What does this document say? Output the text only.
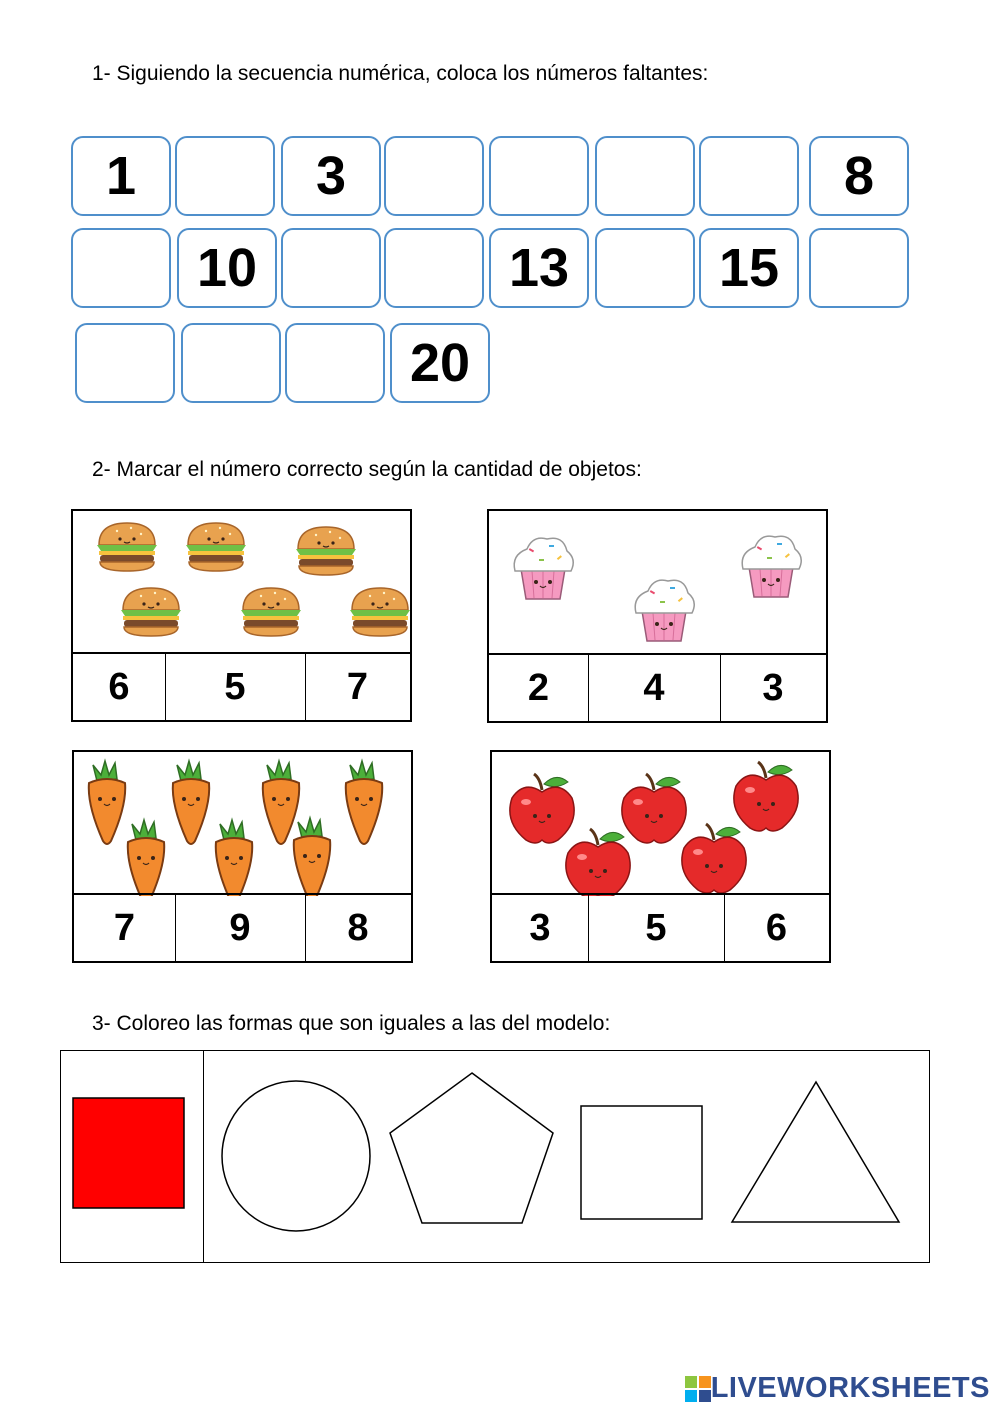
1- Siguiendo la secuencia numérica, coloca los números faltantes:
1	3	8
10	13	15
20
2- Marcar el número correcto según la cantidad de objetos:
6	5	7	2	4	3
7	9	8	3	5	6
3- Coloreo las formas que son iguales a las del modelo:
LIVEWORKSHEETS
